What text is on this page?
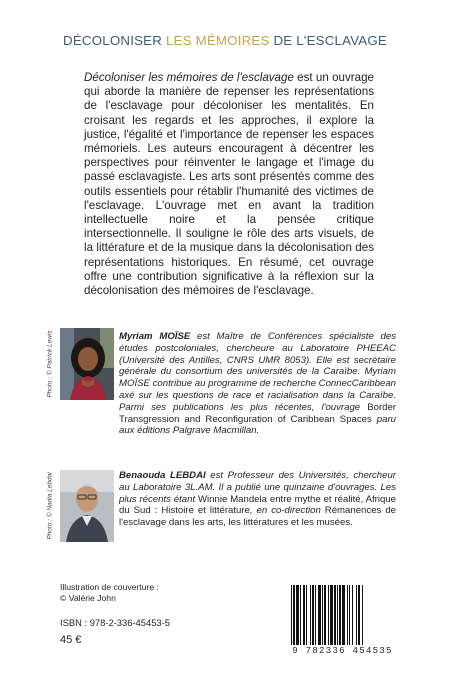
DÉCOLONISER LES MÉMOIRES DE L'ESCLAVAGE

Décoloniser les mémoires de l'esclavage est un ouvrage qui aborde la manière de repenser les représentations de l'esclavage pour décoloniser les mentalités. En croisant les regards et les approches, il explore la justice, l'égalité et l'importance de repenser les espaces mémoriels. Les auteurs encouragent à décentrer les perspectives pour réinventer le langage et l'image du passé esclavagiste. Les arts sont présentés comme des outils essentiels pour rétablir l'humanité des victimes de l'esclavage. L'ouvrage met en avant la tradition intellectuelle noire et la pensée critique intersectionnelle. Il souligne le rôle des arts visuels, de la littérature et de la musique dans la décolonisation des représentations historiques. En résumé, cet ouvrage offre une contribution significative à la réflexion sur la décolonisation des mémoires de l'esclavage.

Photo : © Patrick Lewis	Myriam MOÏSE est Maître de Conférences spécialiste des études postcoloniales, chercheure au Laboratoire PHEEAC (Université des Antilles, CNRS UMR 8053). Elle est secrétaire générale du consortium des universités de la Caraïbe. Myriam MOÏSE contribue au programme de recherche ConnecCaribbean axé sur les questions de race et racialisation dans la Caraïbe. Parmi ses publications les plus récentes, l'ouvrage Border Transgression and Reconfiguration of Caribbean Spaces paru aux éditions Palgrave Macmillan.
Photo : © Nadia Lebdai	Benaouda LEBDAI est Professeur des Universités, chercheur au Laboratoire 3L.AM. Il a publié une quinzaine d'ouvrages. Les plus récents étant Winnie Mandela entre mythe et réalité, Afrique du Sud : Histoire et littérature, en co-direction Rémanences de l'esclavage dans les arts, les littératures et les musées.
Illustration de couverture :
© Valérie John
ISBN : 978-2-336-45453-5
45 €
9 782336 454535
